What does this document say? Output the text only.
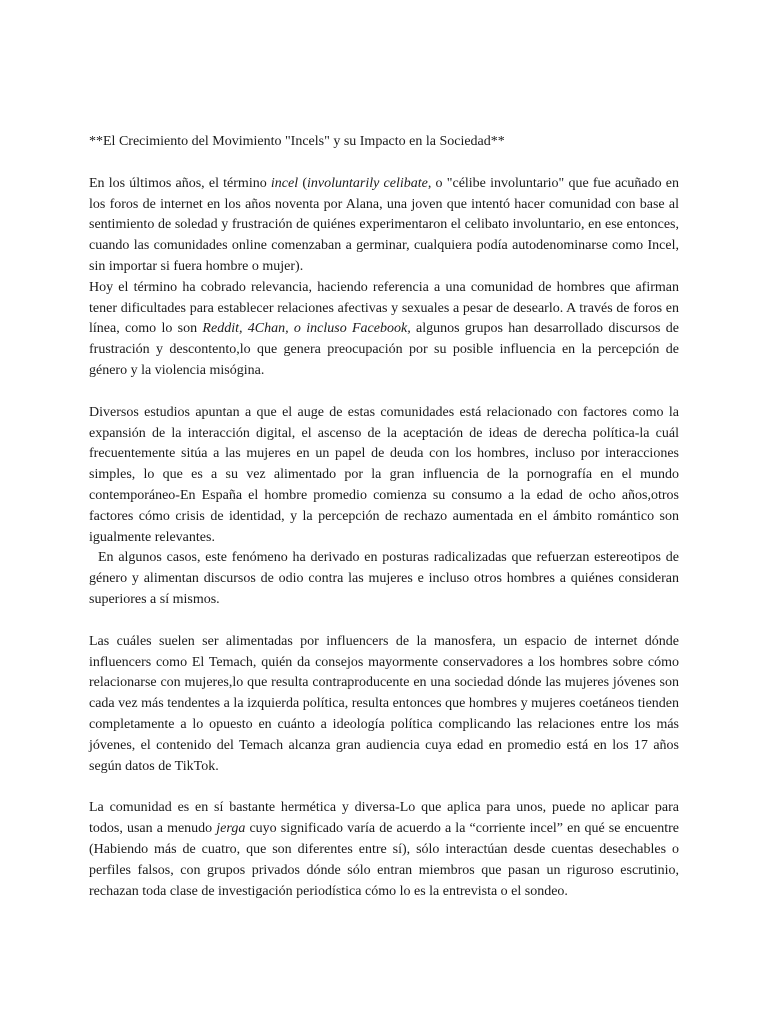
**El Crecimiento del Movimiento "Incels" y su Impacto en la Sociedad**

En los últimos años, el término incel (involuntarily celibate, o "célibe involuntario" que fue acuñado en los foros de internet en los años noventa por Alana, una joven que intentó hacer comunidad con base al sentimiento de soledad y frustración de quiénes experimentaron el celibato involuntario, en ese entonces, cuando las comunidades online comenzaban a germinar, cualquiera podía autodenominarse como Incel, sin importar si fuera hombre o mujer).

Hoy el término ha cobrado relevancia, haciendo referencia a una comunidad de hombres que afirman tener dificultades para establecer relaciones afectivas y sexuales a pesar de desearlo. A través de foros en línea, como lo son Reddit, 4Chan, o incluso Facebook, algunos grupos han desarrollado discursos de frustración y descontento,lo que genera preocupación por su posible influencia en la percepción de género y la violencia misógina.

Diversos estudios apuntan a que el auge de estas comunidades está relacionado con factores como la expansión de la interacción digital, el ascenso de la aceptación de ideas de derecha política-la cuál frecuentemente sitúa a las mujeres en un papel de deuda con los hombres, incluso por interacciones simples, lo que es a su vez alimentado por la gran influencia de la pornografía en el mundo contemporáneo-En España el hombre promedio comienza su consumo a la edad de ocho años,otros factores cómo crisis de identidad, y la percepción de rechazo aumentada en el ámbito romántico son igualmente relevantes.

En algunos casos, este fenómeno ha derivado en posturas radicalizadas que refuerzan estereotipos de género y alimentan discursos de odio contra las mujeres e incluso otros hombres a quiénes consideran superiores a sí mismos.

Las cuáles suelen ser alimentadas por influencers de la manosfera, un espacio de internet dónde influencers como El Temach, quién da consejos mayormente conservadores a los hombres sobre cómo relacionarse con mujeres,lo que resulta contraproducente en una sociedad dónde las mujeres jóvenes son cada vez más tendentes a la izquierda política, resulta entonces que hombres y mujeres coetáneos tienden completamente a lo opuesto en cuánto a ideología política complicando las relaciones entre los más jóvenes, el contenido del Temach alcanza gran audiencia cuya edad en promedio está en los 17 años según datos de TikTok.

La comunidad es en sí bastante hermética y diversa-Lo que aplica para unos, puede no aplicar para todos, usan a menudo jerga cuyo significado varía de acuerdo a la “corriente incel” en qué se encuentre (Habiendo más de cuatro, que son diferentes entre sí), sólo interactúan desde cuentas desechables o perfiles falsos, con grupos privados dónde sólo entran miembros que pasan un riguroso escrutinio, rechazan toda clase de investigación periodística cómo lo es la entrevista o el sondeo.
